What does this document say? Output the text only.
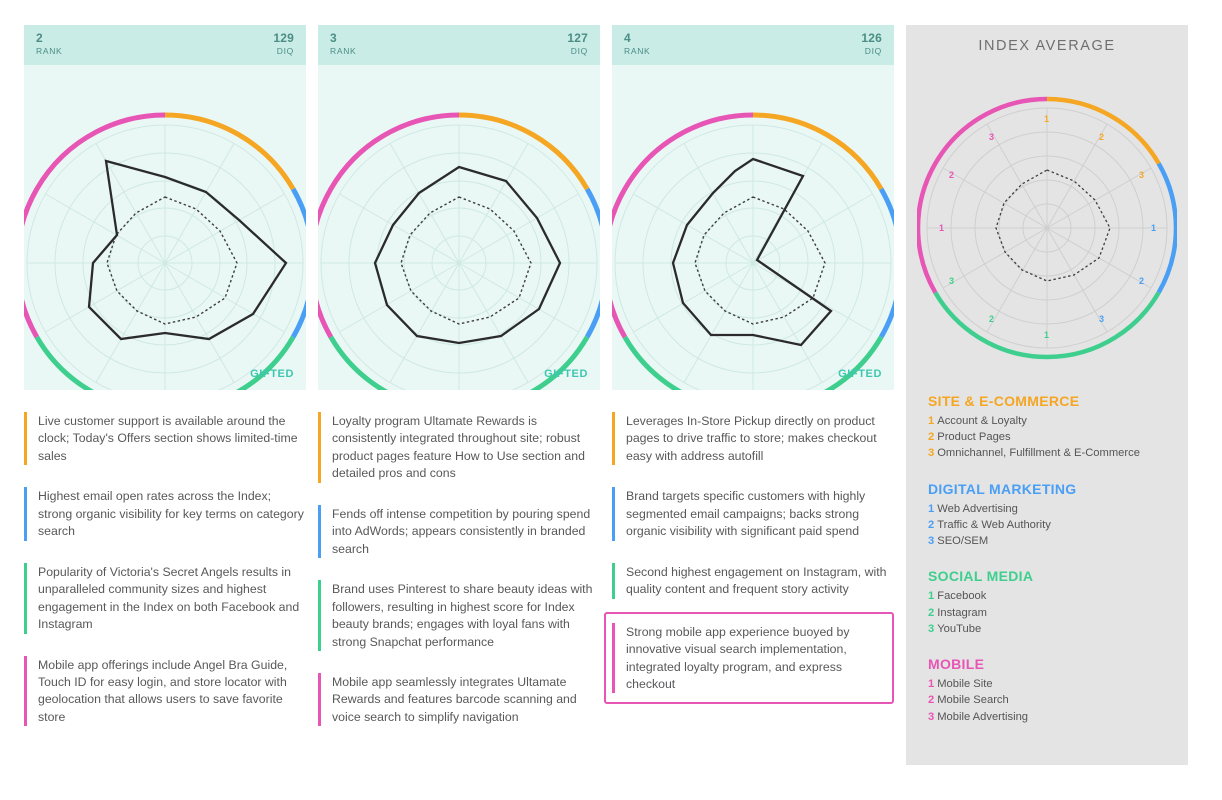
2
RANK
129
DIQ
GIFTED
Live customer support is available around the clock; Today's Offers section shows limited-time sales
Highest email open rates across the Index; strong organic visibility for key terms on category search
Popularity of Victoria's Secret Angels results in unparalleled community sizes and highest engagement in the Index on both Facebook and Instagram
Mobile app offerings include Angel Bra Guide, Touch ID for easy login, and store locator with geolocation that allows users to save favorite store
3
RANK
127
DIQ
GIFTED
Loyalty program Ultamate Rewards is consistently integrated throughout site; robust product pages feature How to Use section and detailed pros and cons
Fends off intense competition by pouring spend into AdWords; appears consistently in branded search
Brand uses Pinterest to share beauty ideas with followers, resulting in highest score for Index beauty brands; engages with loyal fans with strong Snapchat performance
Mobile app seamlessly integrates Ultamate Rewards and features barcode scanning and voice search to simplify navigation
4
RANK
126
DIQ
GIFTED
Leverages In-Store Pickup directly on product pages to drive traffic to store; makes checkout easy with address autofill
Brand targets specific customers with highly segmented email campaigns; backs strong organic visibility with significant paid spend
Second highest engagement on Instagram, with quality content and frequent story activity
Strong mobile app experience buoyed by innovative visual search implementation, integrated loyalty program, and express checkout
INDEX AVERAGE
1
2
3
1
2
3
1
2
3
1
2
3
SITE & E-COMMERCE
1 Account & Loyalty
2 Product Pages
3 Omnichannel, Fulfillment & E-Commerce
DIGITAL MARKETING
1 Web Advertising
2 Traffic & Web Authority
3 SEO/SEM
SOCIAL MEDIA
1 Facebook
2 Instagram
3 YouTube
MOBILE
1 Mobile Site
2 Mobile Search
3 Mobile Advertising
